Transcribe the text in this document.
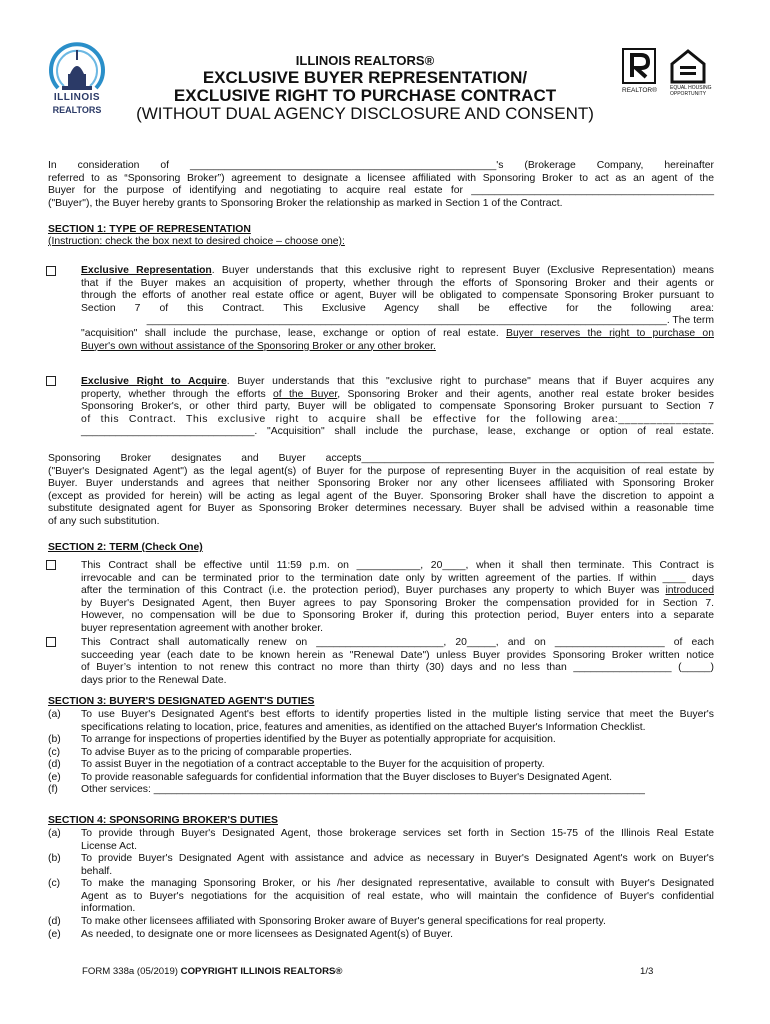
ILLINOIS
REALTORS
ILLINOIS REALTORS®
EXCLUSIVE BUYER REPRESENTATION/
EXCLUSIVE RIGHT TO PURCHASE CONTRACT
(WITHOUT DUAL AGENCY DISCLOSURE AND CONSENT)
REALTOR®	EQUAL HOUSING OPPORTUNITY
In consideration of _____________________________________________________'s (Brokerage Company, hereinafter
referred to as “Sponsoring Broker”) agreement to designate a licensee affiliated with Sponsoring Broker to act as an agent of the
Buyer for the purpose of identifying and negotiating to acquire real estate for __________________________________________
("Buyer"), the Buyer hereby grants to Sponsoring Broker the relationship as marked in Section 1 of the Contract.
SECTION 1: TYPE OF REPRESENTATION
(Instruction: check the box next to desired choice – choose one):
Exclusive Representation. Buyer understands that this exclusive right to represent Buyer (Exclusive Representation) means
that if the Buyer makes an acquisition of property, whether through the efforts of Sponsoring Broker and their agents or
through the efforts of another real estate office or agent, Buyer will be obligated to compensate Sponsoring Broker pursuant to
Section 7 of this Contract. This Exclusive Agency shall be effective for the following area:
__________________________________________________________________________________________. The term
"acquisition" shall include the purchase, lease, exchange or option of real estate. Buyer reserves the right to purchase on
Buyer's own without assistance of the Sponsoring Broker or any other broker.
Exclusive Right to Acquire. Buyer understands that this "exclusive right to purchase" means that if Buyer acquires any
property, whether through the efforts of the Buyer, Sponsoring Broker and their agents, another real estate broker besides
Sponsoring Broker's, or other third party, Buyer will be obligated to compensate Sponsoring Broker pursuant to Section 7
of this Contract. This exclusive right to acquire shall be effective for the following area:_______________
______________________________. "Acquisition" shall include the purchase, lease, exchange or option of real estate.
Sponsoring Broker designates and Buyer accepts_____________________________________________________________
("Buyer's Designated Agent") as the legal agent(s) of Buyer for the purpose of representing Buyer in the acquisition of real estate by
Buyer. Buyer understands and agrees that neither Sponsoring Broker nor any other licensees affiliated with Sponsoring Broker
(except as provided for herein) will be acting as legal agent of the Buyer. Sponsoring Broker shall have the discretion to appoint a
substitute designated agent for Buyer as Sponsoring Broker determines necessary. Buyer shall be advised within a reasonable time
of any such substitution.
SECTION 2: TERM (Check One)
This Contract shall be effective until 11:59 p.m. on ___________, 20____, when it shall then terminate. This Contract is
irrevocable and can be terminated prior to the termination date only by written agreement of the parties. If within ____ days
after the termination of this Contract (i.e. the protection period), Buyer purchases any property to which Buyer was introduced
by Buyer's Designated Agent, then Buyer agrees to pay Sponsoring Broker the compensation provided for in Section 7.
However, no compensation will be due to Sponsoring Broker if, during this protection period, Buyer enters into a separate
buyer representation agreement with another broker.
This Contract shall automatically renew on ______________________, 20_____, and on ___________________ of each
succeeding year (each date to be known herein as "Renewal Date") unless Buyer provides Sponsoring Broker written notice
of Buyer’s intention to not renew this contract no more than thirty (30) days and no less than _________________ (_____)
days prior to the Renewal Date.
SECTION 3: BUYER'S DESIGNATED AGENT'S DUTIES
(a)	To use Buyer's Designated Agent's best efforts to identify properties listed in the multiple listing service that meet the Buyer's
specifications relating to location, price, features and amenities, as identified on the attached Buyer's Information Checklist.
(b)	To arrange for inspections of properties identified by the Buyer as potentially appropriate for acquisition.
(c)	To advise Buyer as to the pricing of comparable properties.
(d)	To assist Buyer in the negotiation of a contract acceptable to the Buyer for the acquisition of property.
(e)	To provide reasonable safeguards for confidential information that the Buyer discloses to Buyer's Designated Agent.
(f)	Other services: _____________________________________________________________________________________
SECTION 4: SPONSORING BROKER'S DUTIES
(a)	To provide through Buyer's Designated Agent, those brokerage services set forth in Section 15-75 of the Illinois Real Estate
License Act.
(b)	To provide Buyer's Designated Agent with assistance and advice as necessary in Buyer's Designated Agent's work on Buyer's
behalf.
(c)	To make the managing Sponsoring Broker, or his /her designated representative, available to consult with Buyer's Designated
Agent as to Buyer's negotiations for the acquisition of real estate, who will maintain the confidence of Buyer's confidential
information.
(d)	To make other licensees affiliated with Sponsoring Broker aware of Buyer's general specifications for real property.
(e)	As needed, to designate one or more licensees as Designated Agent(s) of Buyer.
FORM 338a (05/2019) COPYRIGHT ILLINOIS REALTORS®	1/3
